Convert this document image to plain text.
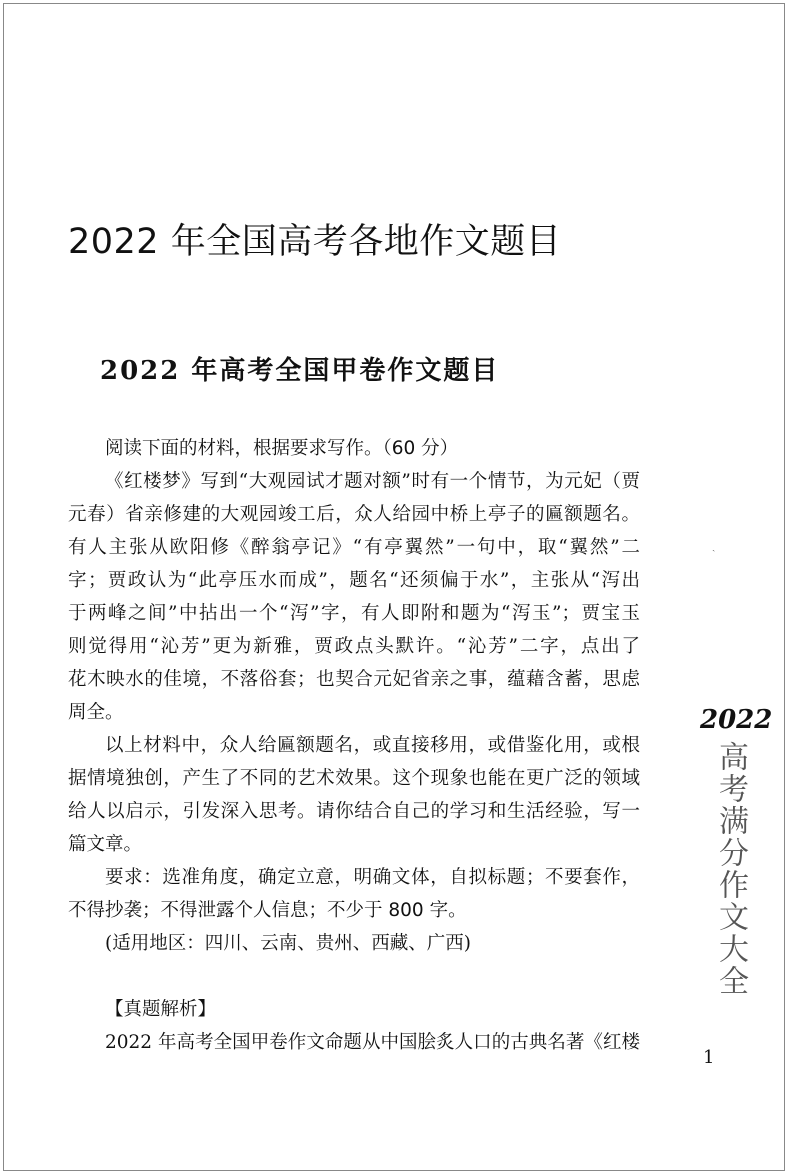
2022 年全国高考各地作文题目
2022 年高考全国甲卷作文题目
阅读下面的材料，根据要求写作。（60 分）
《红楼梦》写到“大观园试才题对额”时有一个情节，为元妃（贾
元春）省亲修建的大观园竣工后，众人给园中桥上亭子的匾额题名。
有人主张从欧阳修《醉翁亭记》“有亭翼然”一句中，取“翼然”二
字；贾政认为“此亭压水而成”，题名“还须偏于水”，主张从“泻出
于两峰之间”中拈出一个“泻”字，有人即附和题为“泻玉”；贾宝玉
则觉得用“沁芳”更为新雅，贾政点头默许。“沁芳”二字，点出了
花木映水的佳境，不落俗套；也契合元妃省亲之事，蕴藉含蓄，思虑
周全。
以上材料中，众人给匾额题名，或直接移用，或借鉴化用，或根
据情境独创，产生了不同的艺术效果。这个现象也能在更广泛的领域
给人以启示，引发深入思考。请你结合自己的学习和生活经验，写一
篇文章。
要求：选准角度，确定立意，明确文体，自拟标题；不要套作，
不得抄袭；不得泄露个人信息；不少于 800 字。
(适用地区：四川、云南、贵州、西藏、广西)
【真题解析】
2022 年高考全国甲卷作文命题从中国脍炙人口的古典名著《红楼
ˏ
2022
高考满分作文大全
1
